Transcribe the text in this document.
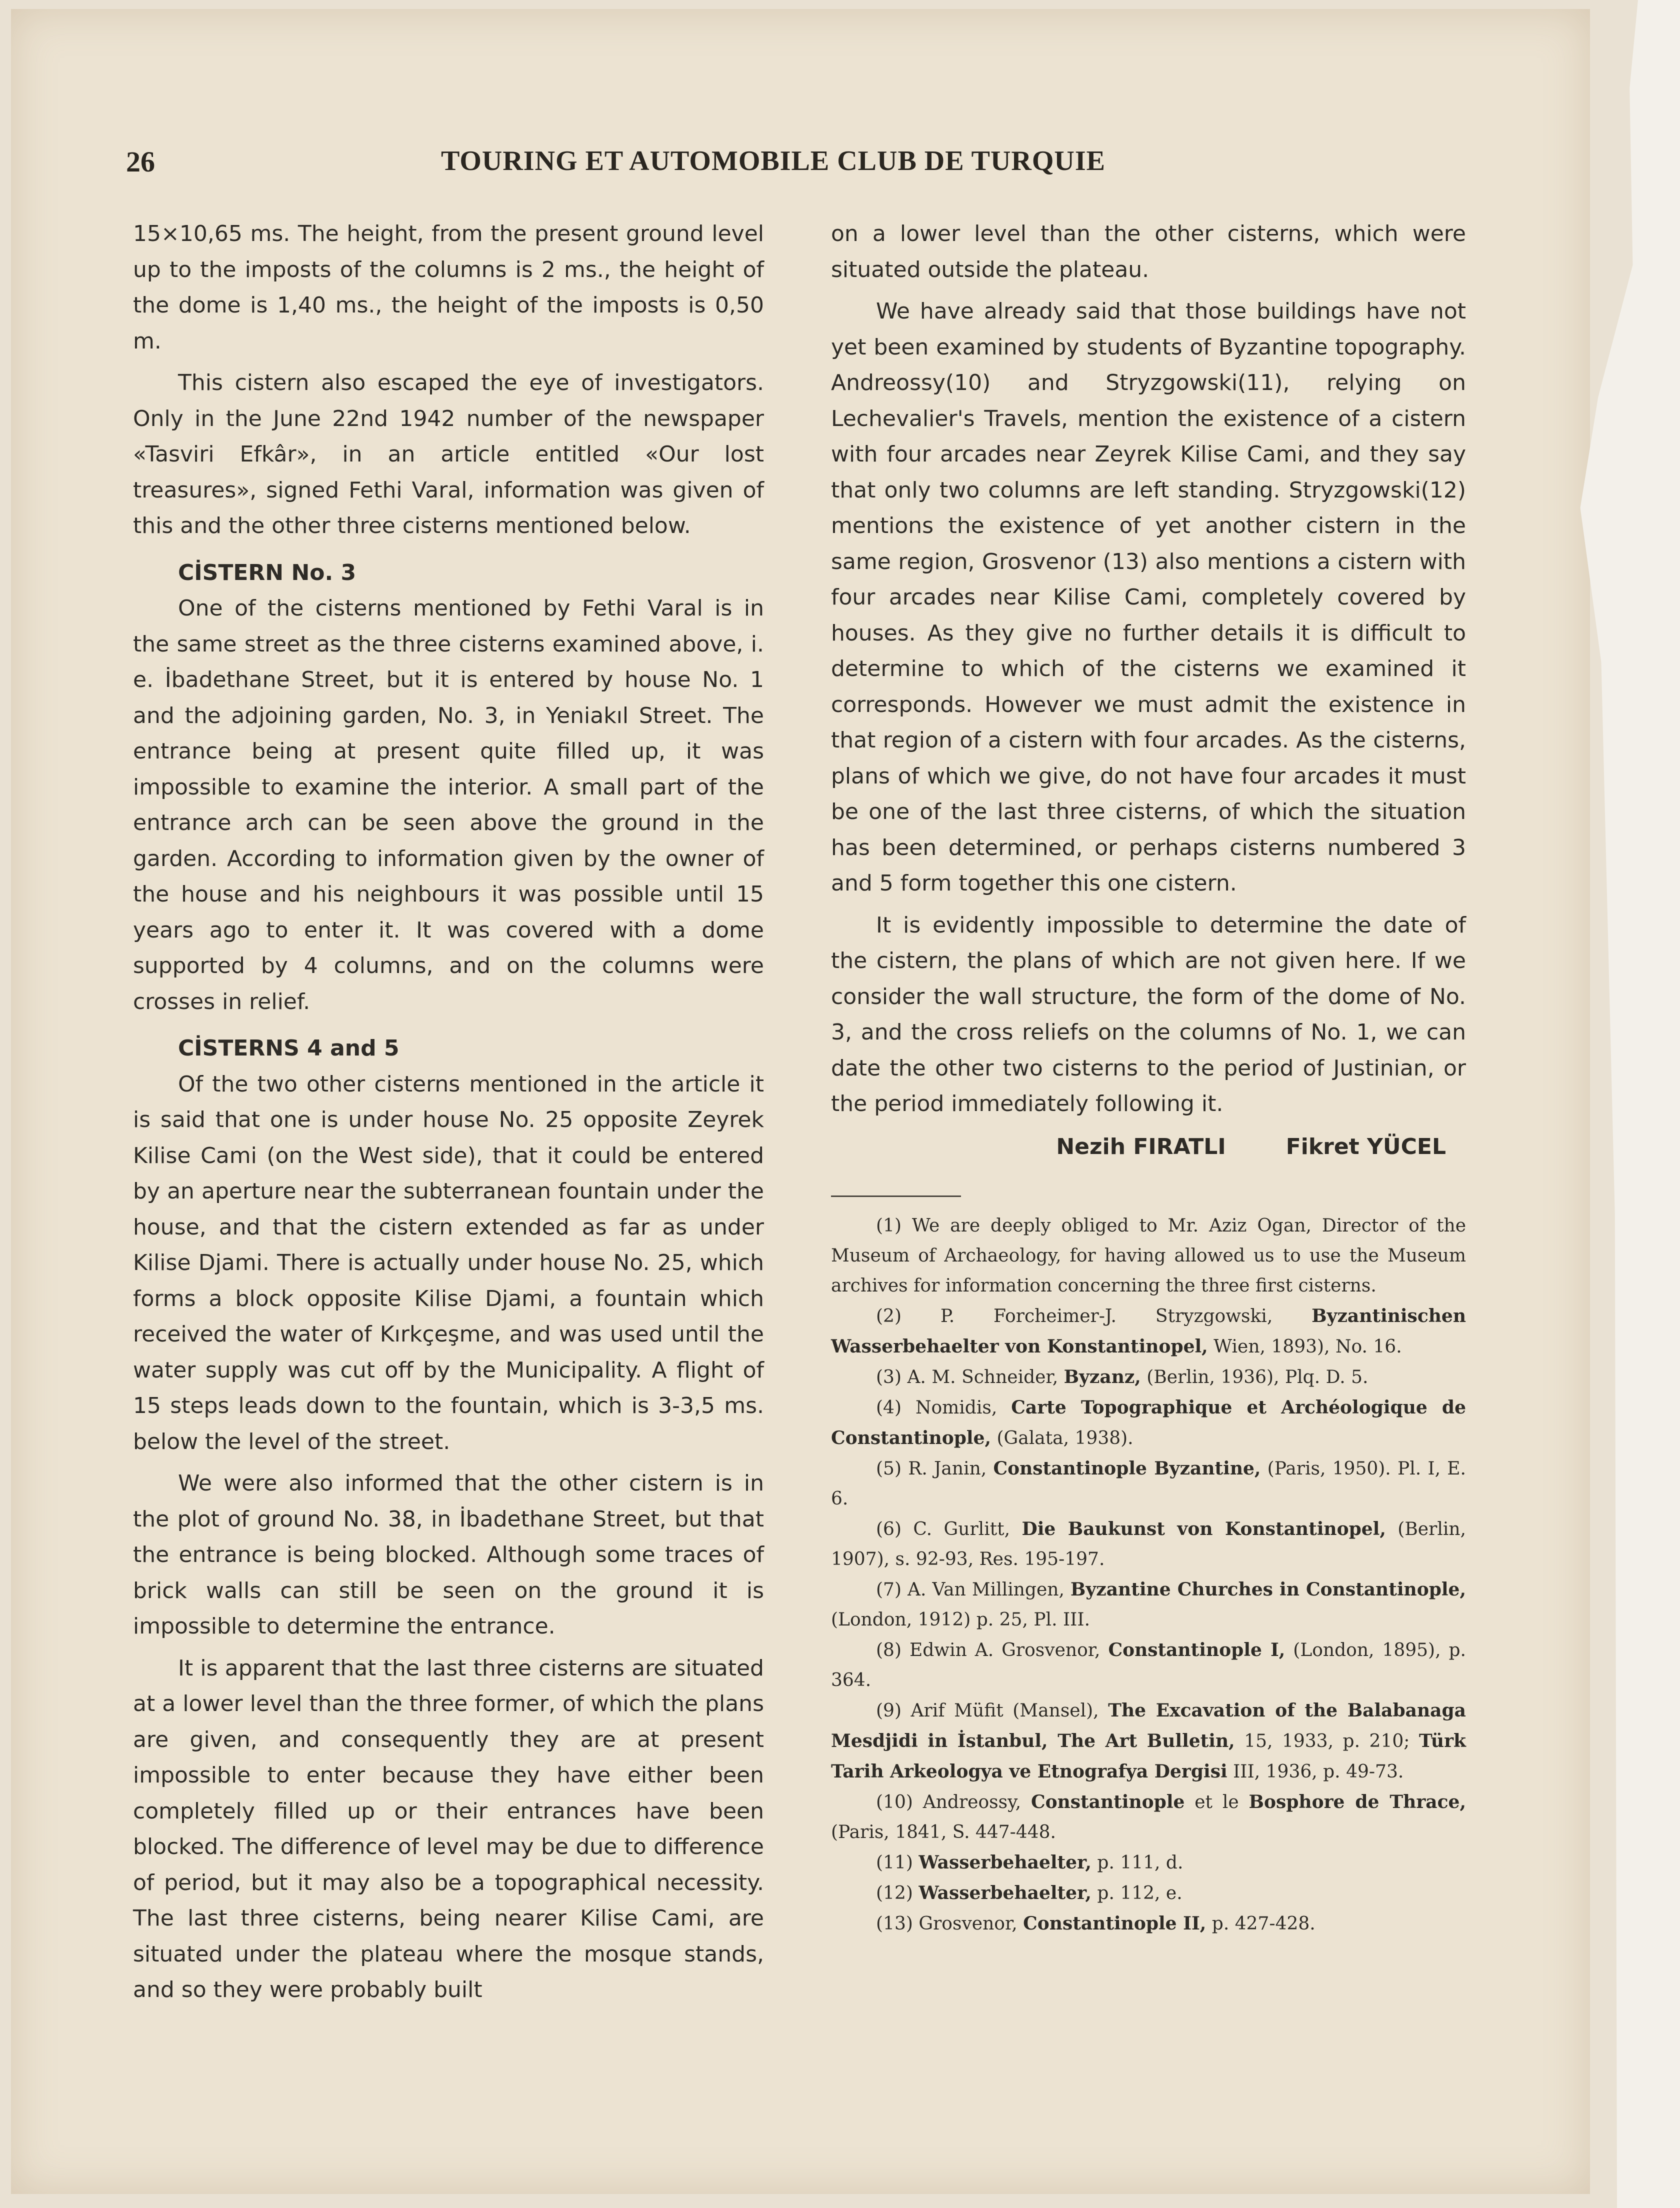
26	TOURING ET AUTOMOBILE CLUB DE TURQUIE

15×10,65 ms. The height, from the present ground level up to the imposts of the columns is 2 ms., the height of the dome is 1,40 ms., the height of the imposts is 0,50 m.

This cistern also escaped the eye of investigators. Only in the June 22nd 1942 number of the newspaper «Tasviri Efkâr», in an article entitled «Our lost treasures», signed Fethi Varal, information was given of this and the other three cisterns mentioned below.

CİSTERN No. 3

One of the cisterns mentioned by Fethi Varal is in the same street as the three cisterns examined above, i. e. İbadethane Street, but it is entered by house No. 1 and the adjoining garden, No. 3, in Yeniakıl Street. The entrance being at present quite filled up, it was impossible to examine the interior. A small part of the entrance arch can be seen above the ground in the garden. According to information given by the owner of the house and his neighbours it was possible until 15 years ago to enter it. It was covered with a dome supported by 4 columns, and on the columns were crosses in relief.

CİSTERNS 4 and 5

Of the two other cisterns mentioned in the article it is said that one is under house No. 25 opposite Zeyrek Kilise Cami (on the West side), that it could be entered by an aperture near the subterranean fountain under the house, and that the cistern extended as far as under Kilise Djami. There is actually under house No. 25, which forms a block opposite Kilise Djami, a fountain which received the water of Kırkçeşme, and was used until the water supply was cut off by the Municipality. A flight of 15 steps leads down to the fountain, which is 3-3,5 ms. below the level of the street.

We were also informed that the other cistern is in the plot of ground No. 38, in İbadethane Street, but that the entrance is being blocked. Although some traces of brick walls can still be seen on the ground it is impossible to determine the entrance.

It is apparent that the last three cisterns are situated at a lower level than the three former, of which the plans are given, and consequently they are at present impossible to enter because they have either been completely filled up or their entrances have been blocked. The difference of level may be due to difference of period, but it may also be a topographical necessity. The last three cisterns, being nearer Kilise Cami, are situated under the plateau where the mosque stands, and so they were probably built

on a lower level than the other cisterns, which were situated outside the plateau.

We have already said that those buildings have not yet been examined by students of Byzantine topography. Andreossy(10) and Stryzgowski(11), relying on Lechevalier's Travels, mention the existence of a cistern with four arcades near Zeyrek Kilise Cami, and they say that only two columns are left standing. Stryzgowski(12) mentions the existence of yet another cistern in the same region, Grosvenor (13) also mentions a cistern with four arcades near Kilise Cami, completely covered by houses. As they give no further details it is difficult to determine to which of the cisterns we examined it corresponds. However we must admit the existence in that region of a cistern with four arcades. As the cisterns, plans of which we give, do not have four arcades it must be one of the last three cisterns, of which the situation has been determined, or perhaps cisterns numbered 3 and 5 form together this one cistern.

It is evidently impossible to determine the date of the cistern, the plans of which are not given here. If we consider the wall structure, the form of the dome of No. 3, and the cross reliefs on the columns of No. 1, we can date the other two cisterns to the period of Justinian, or the period immediately following it.

Nezih FIRATLI	Fikret YÜCEL

(1) We are deeply obliged to Mr. Aziz Ogan, Director of the Museum of Archaeology, for having allowed us to use the Museum archives for information concerning the three first cisterns.

(2) P. Forcheimer-J. Stryzgowski, Byzantinischen Wasserbehaelter von Konstantinopel, Wien, 1893), No. 16.

(3) A. M. Schneider, Byzanz, (Berlin, 1936), Plq. D. 5.

(4) Nomidis, Carte Topographique et Archéologique de Constantinople, (Galata, 1938).

(5) R. Janin, Constantinople Byzantine, (Paris, 1950). Pl. I, E. 6.

(6) C. Gurlitt, Die Baukunst von Konstantinopel, (Berlin, 1907), s. 92-93, Res. 195-197.

(7) A. Van Millingen, Byzantine Churches in Constantinople, (London, 1912) p. 25, Pl. III.

(8) Edwin A. Grosvenor, Constantinople I, (London, 1895), p. 364.

(9) Arif Müfit (Mansel), The Excavation of the Balabanaga Mesdjidi in İstanbul, The Art Bulletin, 15, 1933, p. 210; Türk Tarih Arkeologya ve Etnografya Dergisi III, 1936, p. 49-73.

(10) Andreossy, Constantinople et le Bosphore de Thrace, (Paris, 1841, S. 447-448.

(11) Wasserbehaelter, p. 111, d.

(12) Wasserbehaelter, p. 112, e.

(13) Grosvenor, Constantinople II, p. 427-428.
